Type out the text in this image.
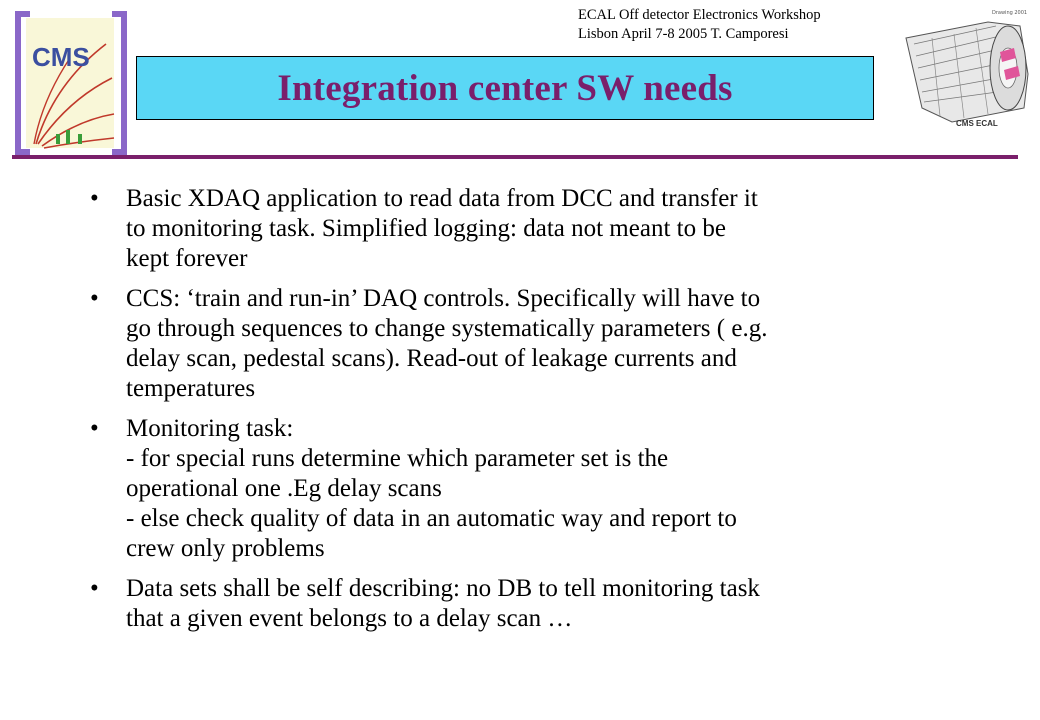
CMS
ECAL Off detector Electronics Workshop
Lisbon April 7-8 2005 T. Camporesi
Integration center SW needs
Drawing 2001
CMS ECAL
•	Basic XDAQ application to read data from DCC and transfer it
to monitoring task. Simplified logging: data not meant to be
kept forever
•	CCS: ‘train and run-in’ DAQ controls. Specifically will have to
go through sequences to change systematically parameters ( e.g.
delay scan, pedestal scans). Read-out of leakage currents and
temperatures
•	Monitoring task:
- for special runs determine which parameter set is the
operational one .Eg delay scans
- else check quality of data in an automatic way and report to
crew only problems
•	Data sets shall be self describing: no DB to tell monitoring task
that a given event belongs to a delay scan …
